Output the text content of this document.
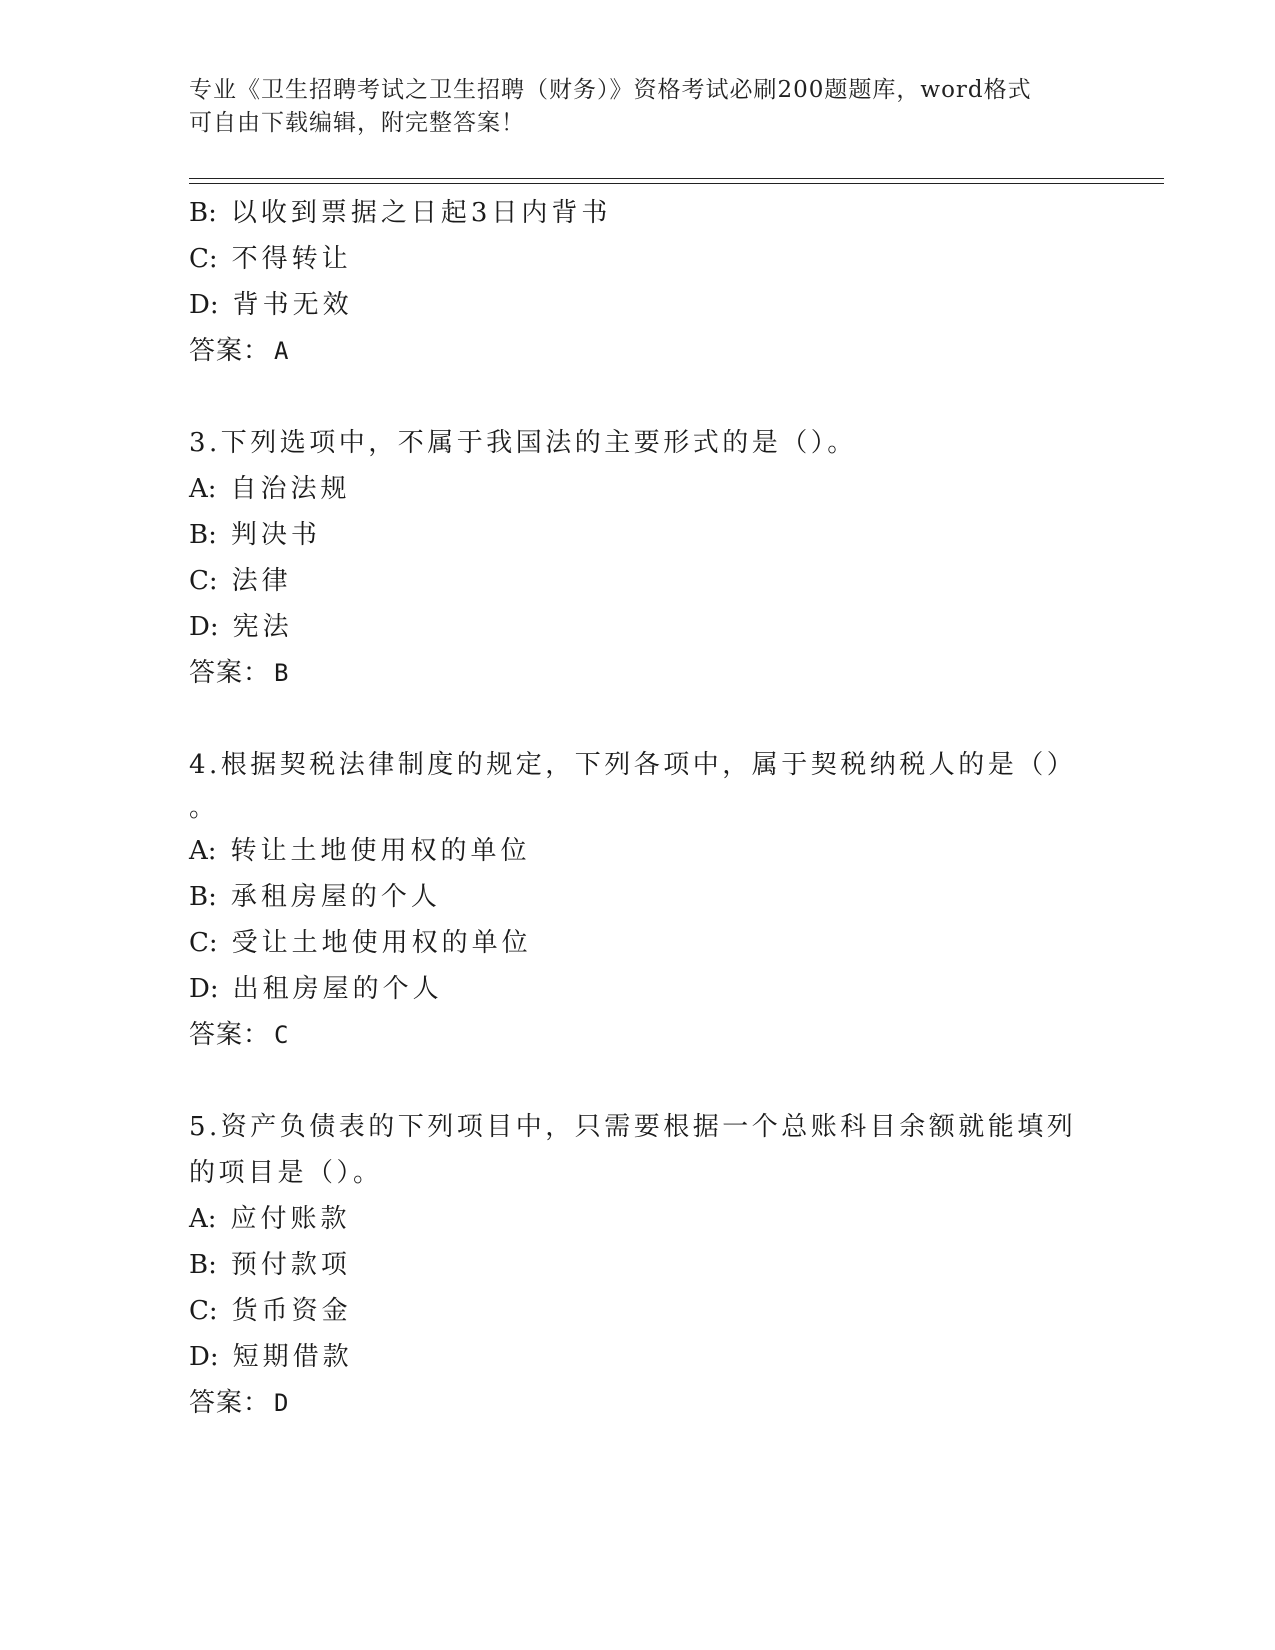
专业《卫生招聘考试之卫生招聘（财务）》资格考试必刷200题题库，word格式
可自由下载编辑，附完整答案！
B: 以收到票据之日起3日内背书
C: 不得转让
D: 背书无效
答案： A
3.下列选项中，不属于我国法的主要形式的是（）。
A: 自治法规
B: 判决书
C: 法律
D: 宪法
答案： B
4.根据契税法律制度的规定，下列各项中，属于契税纳税人的是（）
。
A: 转让土地使用权的单位
B: 承租房屋的个人
C: 受让土地使用权的单位
D: 出租房屋的个人
答案： C
5.资产负债表的下列项目中，只需要根据一个总账科目余额就能填列
的项目是（）。
A: 应付账款
B: 预付款项
C: 货币资金
D: 短期借款
答案： D
